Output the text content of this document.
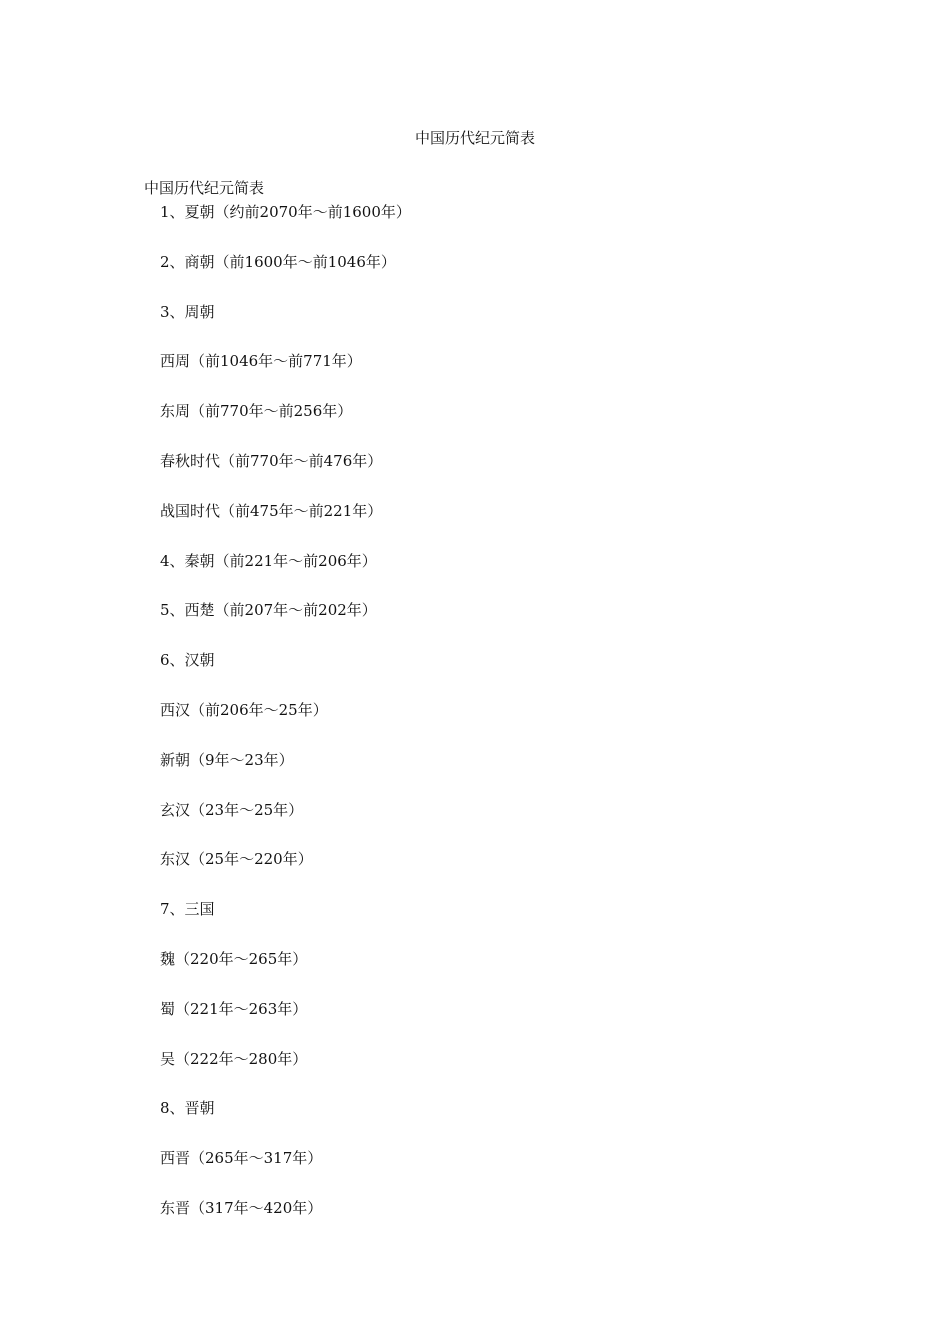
中国历代纪元简表
中国历代纪元简表
1、夏朝（约前2070年～前1600年）
2、商朝（前1600年～前1046年）
3、周朝
西周（前1046年～前771年）
东周（前770年～前256年）
春秋时代（前770年～前476年）
战国时代（前475年～前221年）
4、秦朝（前221年～前206年）
5、西楚（前207年～前202年）
6、汉朝
西汉（前206年～25年）
新朝（9年～23年）
玄汉（23年～25年）
东汉（25年～220年）
7、三国
魏（220年～265年）
蜀（221年～263年）
吴（222年～280年）
8、晋朝
西晋（265年～317年）
东晋（317年～420年）
